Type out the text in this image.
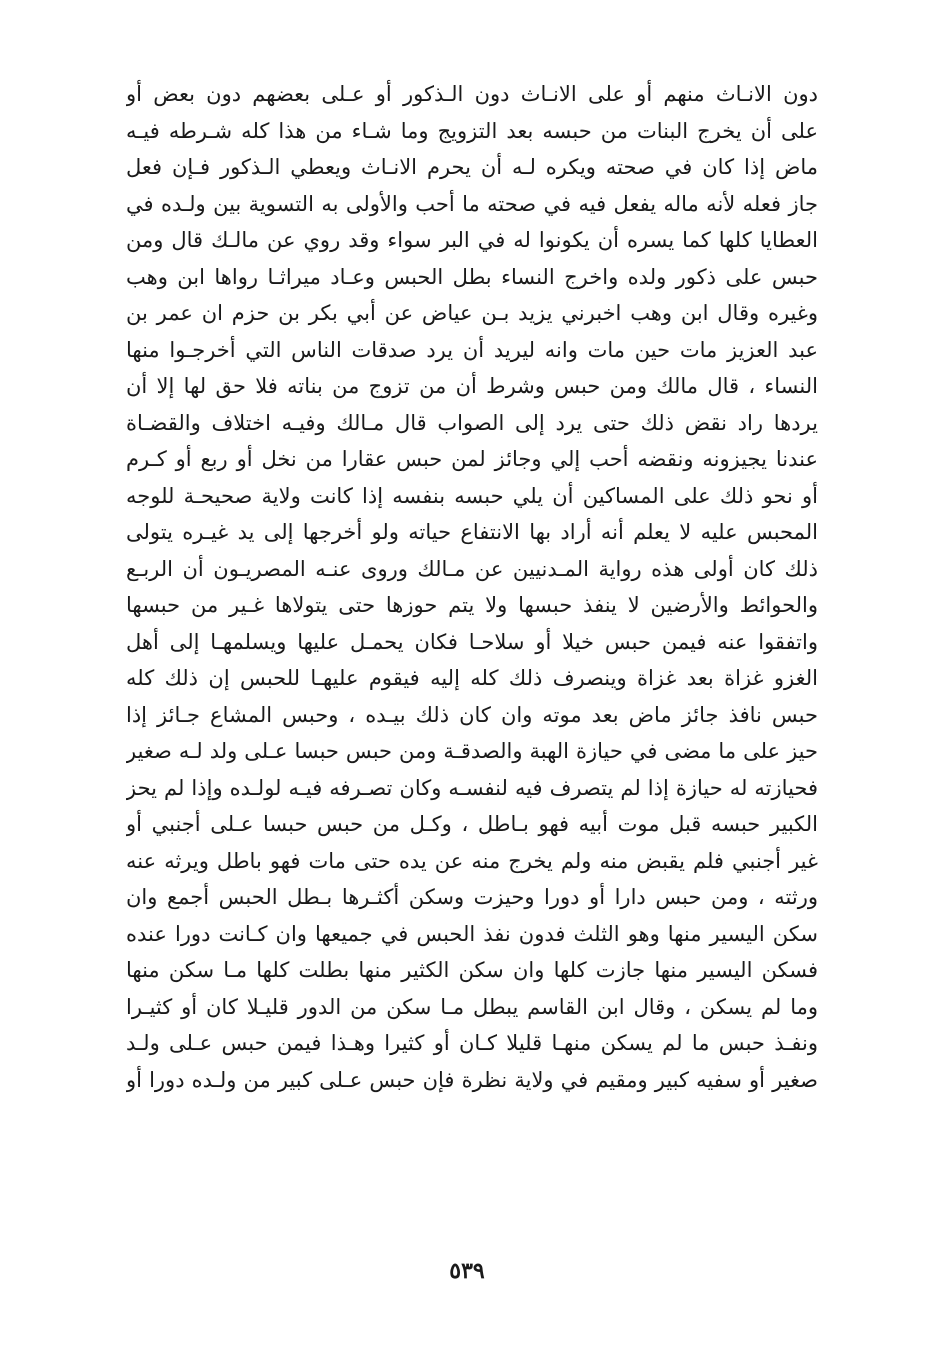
دون الانـاث منهم أو على الانـاث دون الـذكور أو عـلى بعضهم دون بعض أو
على أن يخرج البنات من حبسه بعد التزويج وما شـاء من هذا كله شـرطه فيـه
ماض إذا كان في صحته ويكره لـه أن يحرم الانـاث ويعطي الـذكور فـإن فعل
جاز فعله لأنه ماله يفعل فيه في صحته ما أحب والأولى به التسوية بين ولـده في
العطايا كلها كما يسره أن يكونوا له في البر سواء وقد روي عن مالـك قال ومن
حبس على ذكور ولده واخرج النساء بطل الحبس وعـاد ميراثـا رواها ابن وهب
وغيره وقال ابن وهب اخبرني يزيد بـن عياض عن أبي بكر بن حزم ان عمر بن
عبد العزيز مات حين مات وانه ليريد أن يرد صدقات الناس التي أخرجـوا منها
النساء ، قال مالك ومن حبس وشرط أن من تزوج من بناته فلا حق لها إلا أن
يردها راد نقض ذلك حتى يرد إلى الصواب قال مـالك وفيـه اختلاف والقضـاة
عندنا يجيزونه ونقضه أحب إلي وجائز لمن حبس عقارا من نخل أو ربع أو كـرم
أو نحو ذلك على المساكين أن يلي حبسه بنفسه إذا كانت ولاية صحيحـة للوجه
المحبس عليه لا يعلم أنه أراد بها الانتفاع حياته ولو أخرجها إلى يد غيـره يتولى
ذلك كان أولى هذه رواية المـدنيين عن مـالك وروى عنـه المصريـون أن الربـع
والحوائط والأرضين لا ينفذ حبسها ولا يتم حوزها حتى يتولاها غـير من حبسها
واتفقوا عنه فيمن حبس خيلا أو سلاحـا فكان يحمـل عليها ويسلمهـا إلى أهل
الغزو غزاة بعد غزاة وينصرف ذلك كله إليه فيقوم عليهـا للحبس إن ذلك كله
حبس نافذ جائز ماض بعد موته وان كان ذلك بيـده ، وحبس المشاع جـائز إذا
حيز على ما مضى في حيازة الهبة والصدقـة ومن حبس حبسا عـلى ولد لـه صغير
فحيازته له حيازة إذا لم يتصرف فيه لنفسـه وكان تصـرفه فيـه لولـده وإذا لم يحز
الكبير حبسه قبل موت أبيه فهو بـاطل ، وكـل من حبس حبسا عـلى أجنبي أو
غير أجنبي فلم يقبض منه ولم يخرج منه عن يده حتى مات فهو باطل ويرثه عنه
ورثته ، ومن حبس دارا أو دورا وحيزت وسكن أكثـرها بـطل الحبس أجمع وان
سكن اليسير منها وهو الثلث فدون نفذ الحبس في جميعها وان كـانت دورا عنده
فسكن اليسير منها جازت كلها وان سكن الكثير منها بطلت كلها مـا سكن منها
وما لم يسكن ، وقال ابن القاسم يبطل مـا سكن من الدور قليـلا كان أو كثيـرا
ونفـذ حبس ما لم يسكن منهـا قليلا كـان أو كثيرا وهـذا فيمن حبس عـلى ولـد
صغير أو سفيه كبير ومقيم في ولاية نظرة فإن حبس عـلى كبير من ولـده دورا أو
٥٣٩
